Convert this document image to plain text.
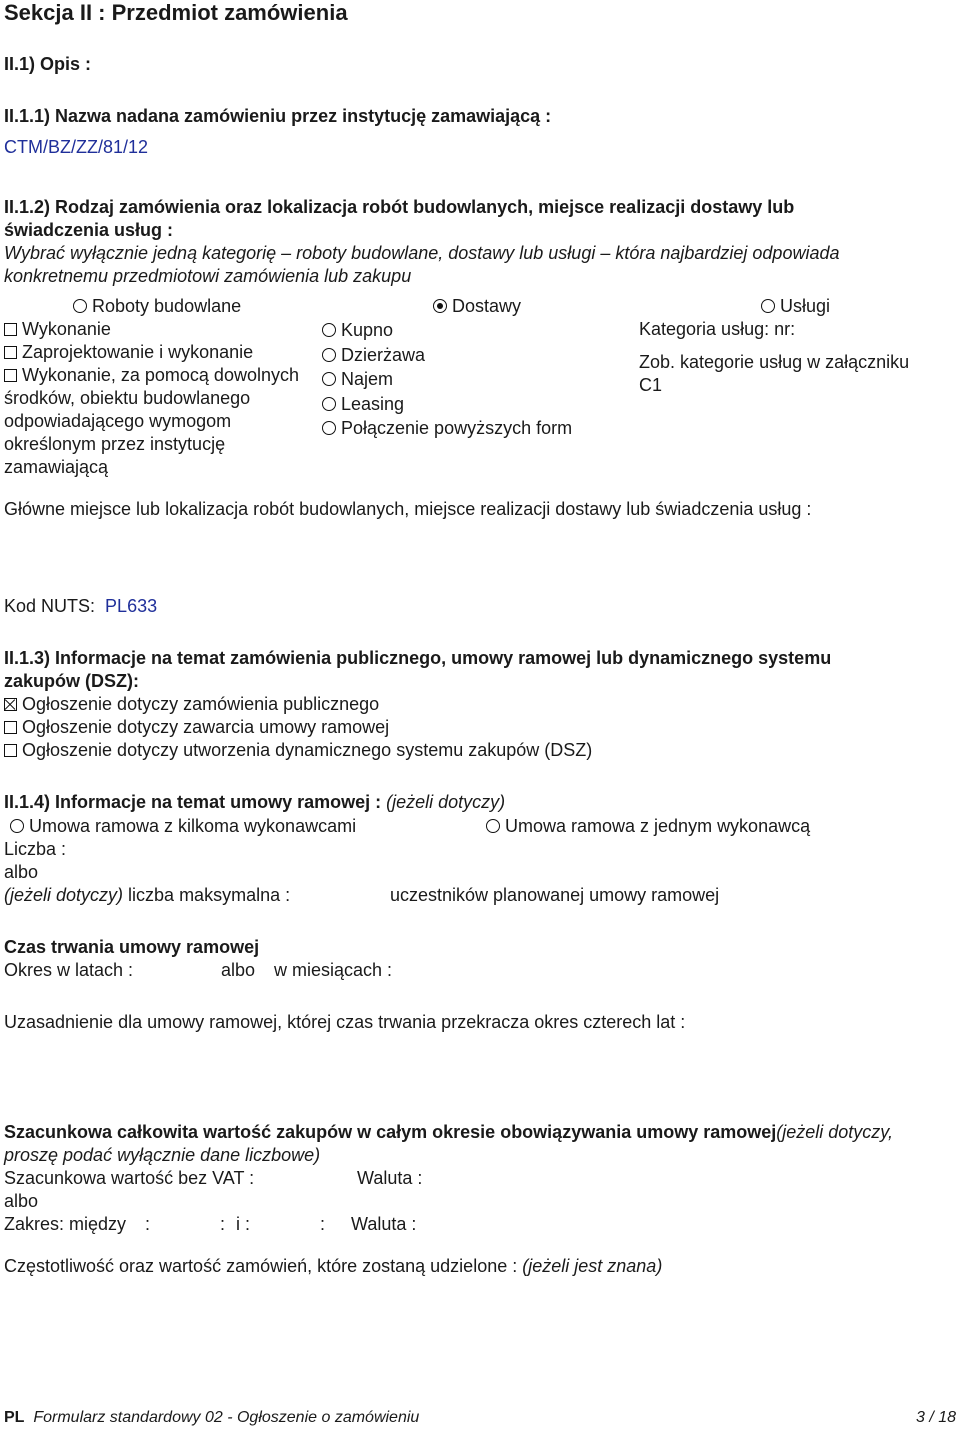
Sekcja II : Przedmiot zamówienia
II.1) Opis :
II.1.1) Nazwa nadana zamówieniu przez instytucję zamawiającą :
CTM/BZ/ZZ/81/12
II.1.2) Rodzaj zamówienia oraz lokalizacja robót budowlanych, miejsce realizacji dostawy lub
świadczenia usług :
Wybrać wyłącznie jedną kategorię – roboty budowlane, dostawy lub usługi – która najbardziej odpowiada
konkretnemu przedmiotowi zamówienia lub zakupu
Roboty budowlane	Dostawy	Usługi
Wykonanie
Zaprojektowanie i wykonanie
Wykonanie, za pomocą dowolnych
środków, obiektu budowlanego
odpowiadającego wymogom
określonym przez instytucję
zamawiającą
Kupno
Dzierżawa
Najem
Leasing
Połączenie powyższych form
Kategoria usług: nr:
Zob. kategorie usług w załączniku
C1
Główne miejsce lub lokalizacja robót budowlanych, miejsce realizacji dostawy lub świadczenia usług :
Kod NUTS: PL633
II.1.3) Informacje na temat zamówienia publicznego, umowy ramowej lub dynamicznego systemu
zakupów (DSZ):
Ogłoszenie dotyczy zamówienia publicznego
Ogłoszenie dotyczy zawarcia umowy ramowej
Ogłoszenie dotyczy utworzenia dynamicznego systemu zakupów (DSZ)
II.1.4) Informacje na temat umowy ramowej : (jeżeli dotyczy)
Umowa ramowa z kilkoma wykonawcami	Umowa ramowa z jednym wykonawcą
Liczba :
albo
(jeżeli dotyczy) liczba maksymalna :	uczestników planowanej umowy ramowej
Czas trwania umowy ramowej
Okres w latach :	albo w miesiącach :
Uzasadnienie dla umowy ramowej, której czas trwania przekracza okres czterech lat :
Szacunkowa całkowita wartość zakupów w całym okresie obowiązywania umowy ramowej(jeżeli dotyczy,
proszę podać wyłącznie dane liczbowe)
Szacunkowa wartość bez VAT :	Waluta :
albo
Zakres: między :	: i :	: Waluta :
Częstotliwość oraz wartość zamówień, które zostaną udzielone : (jeżeli jest znana)
PL Formularz standardowy 02 - Ogłoszenie o zamówieniu	3 / 18
